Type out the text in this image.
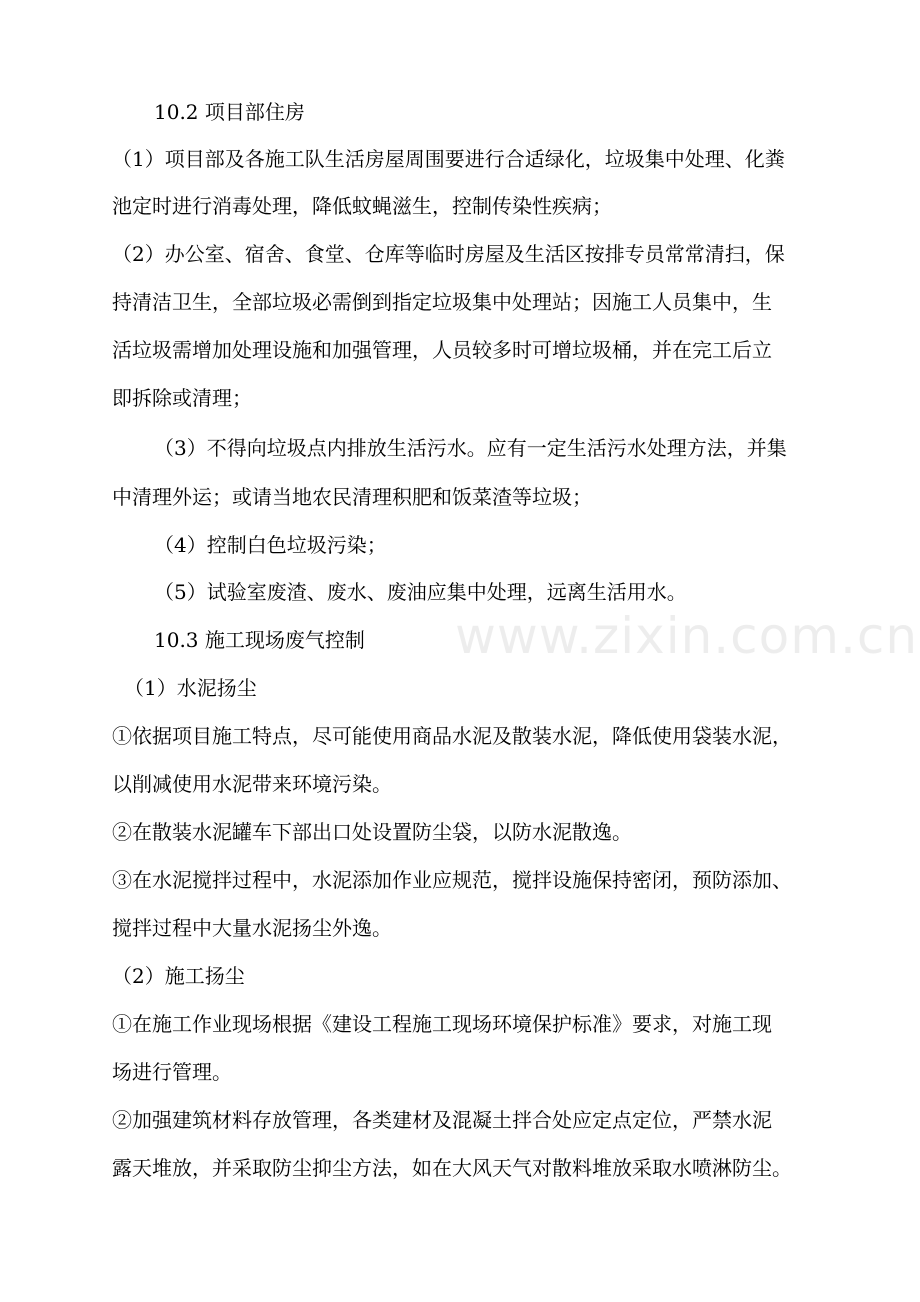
www.zixin.com.cn
10.2 项目部住房
（1）项目部及各施工队生活房屋周围要进行合适绿化，垃圾集中处理、化粪
池定时进行消毒处理，降低蚊蝇滋生，控制传染性疾病；
（2）办公室、宿舍、食堂、仓库等临时房屋及生活区按排专员常常清扫，保
持清洁卫生，全部垃圾必需倒到指定垃圾集中处理站；因施工人员集中，生
活垃圾需增加处理设施和加强管理，人员较多时可增垃圾桶，并在完工后立
即拆除或清理；
（3）不得向垃圾点内排放生活污水。应有一定生活污水处理方法，并集
中清理外运；或请当地农民清理积肥和饭菜渣等垃圾；
（4）控制白色垃圾污染；
（5）试验室废渣、废水、废油应集中处理，远离生活用水。
10.3 施工现场废气控制
（1）水泥扬尘
①依据项目施工特点，尽可能使用商品水泥及散装水泥，降低使用袋装水泥，
以削减使用水泥带来环境污染。
②在散装水泥罐车下部出口处设置防尘袋，以防水泥散逸。
③在水泥搅拌过程中，水泥添加作业应规范，搅拌设施保持密闭，预防添加、
搅拌过程中大量水泥扬尘外逸。
（2）施工扬尘
①在施工作业现场根据《建设工程施工现场环境保护标准》要求，对施工现
场进行管理。
②加强建筑材料存放管理，各类建材及混凝土拌合处应定点定位，严禁水泥
露天堆放，并采取防尘抑尘方法，如在大风天气对散料堆放采取水喷淋防尘。
